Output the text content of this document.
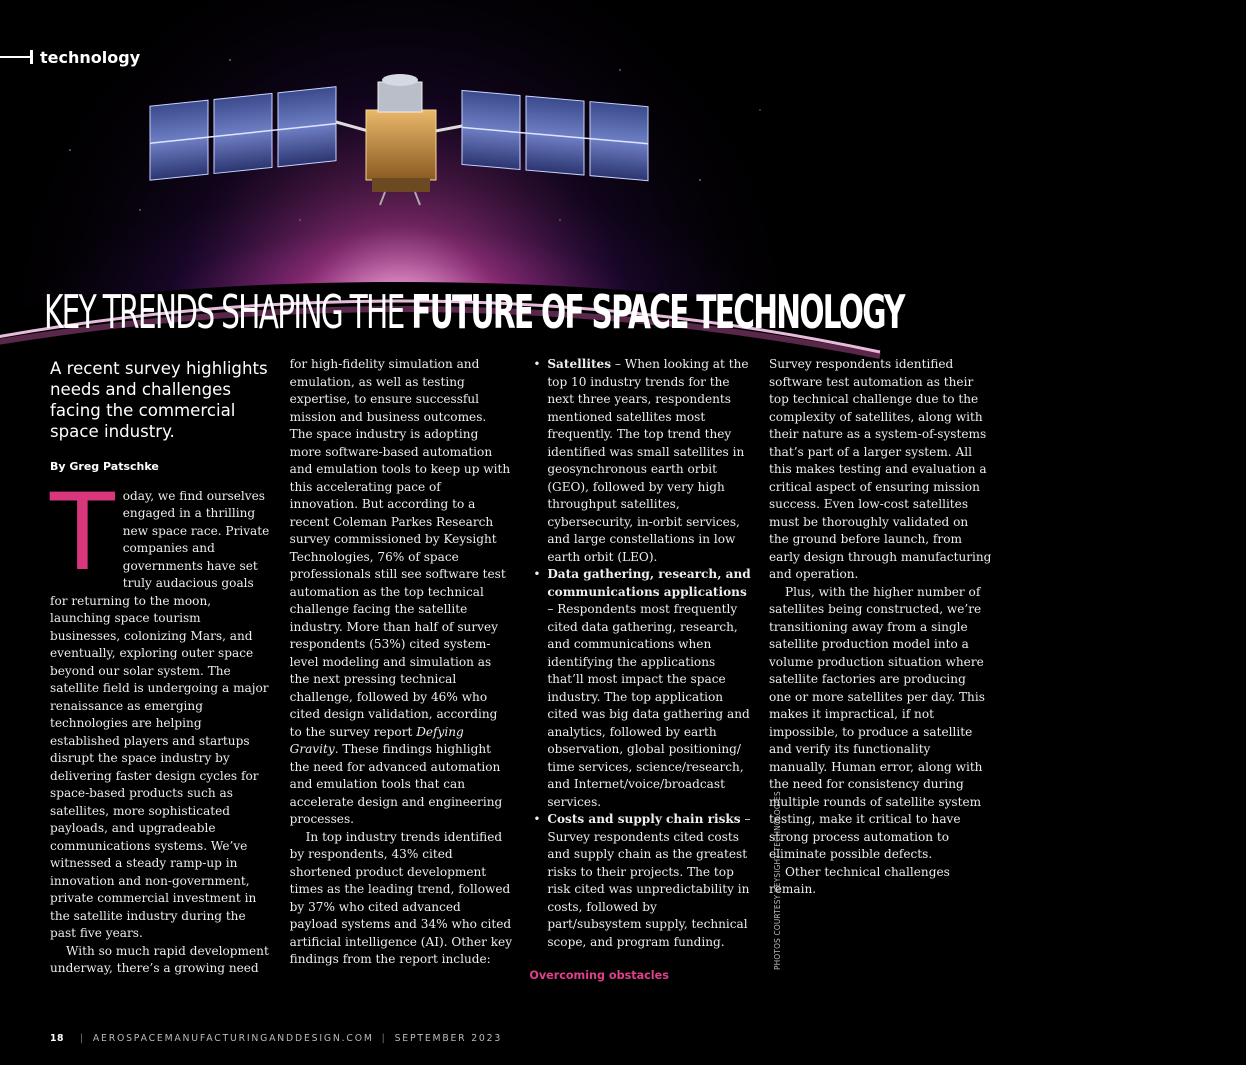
technology
KEY TRENDS SHAPING THE FUTURE OF SPACE TECHNOLOGY
A recent survey highlights needs and challenges facing the commercial space industry.
By Greg Patschke

Today, we find ourselves engaged in a thrilling new space race. Private companies and governments have set truly audacious goals for returning to the moon, launching space tourism businesses, colonizing Mars, and eventually, exploring outer space beyond our solar system. The satellite field is undergoing a major renaissance as emerging technologies are helping established players and startups disrupt the space industry by delivering faster design cycles for space-based products such as satellites, more sophisticated payloads, and upgradeable communications systems. We’ve witnessed a steady ramp-up in innovation and non-government, private commercial investment in the satellite industry during the past five years.

With so much rapid development underway, there’s a growing need for high-fidelity simulation and emulation, as well as testing expertise, to ensure successful mission and business outcomes. The space industry is adopting more software-based automation and emulation tools to keep up with this accelerating pace of innovation. But according to a recent Coleman Parkes Research survey commissioned by Keysight Technologies, 76% of space professionals still see software test automation as the top technical challenge facing the satellite industry. More than half of survey respondents (53%) cited system-level modeling and simulation as the next pressing technical challenge, followed by 46% who cited design validation, according to the survey report Defying Gravity. These findings highlight the need for advanced automation and emulation tools that can accelerate design and engineering processes.

In top industry trends identified by respondents, 43% cited shortened product development times as the leading trend, followed by 37% who cited advanced payload systems and 34% who cited artificial intelligence (AI). Other key findings from the report include:

• Satellites – When looking at the top 10 industry trends for the next three years, respondents mentioned satellites most frequently. The top trend they identified was small satellites in geosynchronous earth orbit (GEO), followed by very high throughput satellites, cybersecurity, in-orbit services, and large constellations in low earth orbit (LEO).
• Data gathering, research, and communications applications – Respondents most frequently cited data gathering, research, and communications when identifying the applications that’ll most impact the space industry. The top application cited was big data gathering and analytics, followed by earth observation, global positioning/ time services, science/research, and Internet/voice/broadcast services.
• Costs and supply chain risks – Survey respondents cited costs and supply chain as the greatest risks to their projects. The top risk cited was unpredictability in costs, followed by part/subsystem supply, technical scope, and program funding.
Overcoming obstacles

Survey respondents identified software test automation as their top technical challenge due to the complexity of satellites, along with their nature as a system-of-systems that’s part of a larger system. All this makes testing and evaluation a critical aspect of ensuring mission success. Even low-cost satellites must be thoroughly validated on the ground before launch, from early design through manufacturing and operation.

Plus, with the higher number of satellites being constructed, we’re transitioning away from a single satellite production model into a volume production situation where satellite factories are producing one or more satellites per day. This makes it impractical, if not impossible, to produce a satellite and verify its functionality manually. Human error, along with the need for consistency during multiple rounds of satellite system testing, make it critical to have strong process automation to eliminate possible defects.

Other technical challenges remain.

PHOTOS COURTESY KEYSIGHT TECHNOLOGIES
18 | AEROSPACEMANUFACTURINGANDDESIGN.COM | SEPTEMBER 2023
